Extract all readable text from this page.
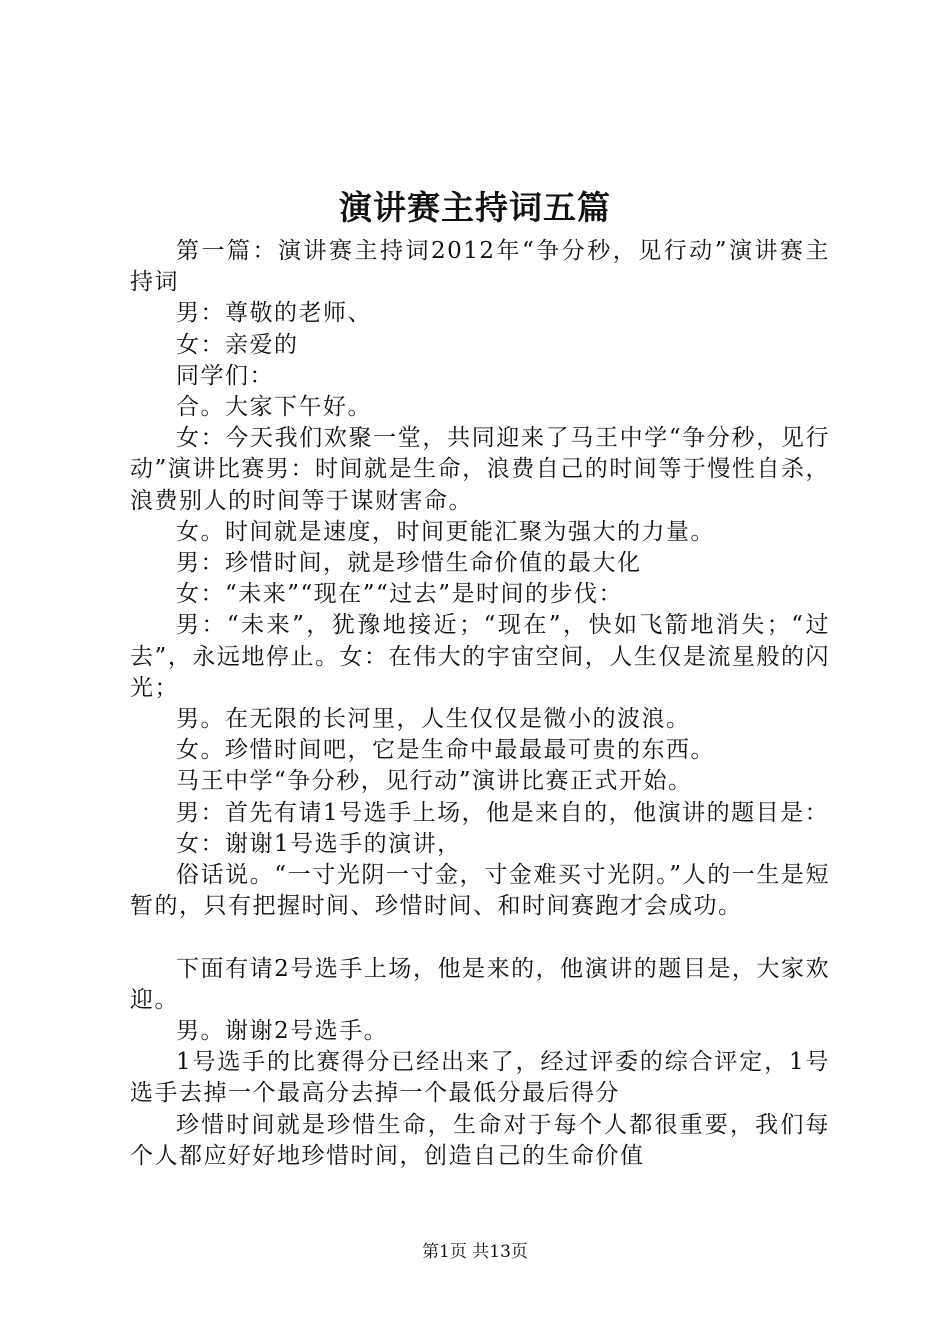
演讲赛主持词五篇

第一篇：演讲赛主持词2012年“争分秒，见行动”演讲赛主持词

男：尊敬的老师、

女：亲爱的

同学们：

合。大家下午好。

女：今天我们欢聚一堂，共同迎来了马王中学“争分秒，见行动”演讲比赛男：时间就是生命，浪费自己的时间等于慢性自杀，浪费别人的时间等于谋财害命。

女。时间就是速度，时间更能汇聚为强大的力量。

男：珍惜时间，就是珍惜生命价值的最大化

女：“未来”“现在”“过去”是时间的步伐：

男：“未来”，犹豫地接近；“现在”，快如飞箭地消失；“过去”，永远地停止。女：在伟大的宇宙空间，人生仅是流星般的闪光；

男。在无限的长河里，人生仅仅是微小的波浪。

女。珍惜时间吧，它是生命中最最最可贵的东西。

马王中学“争分秒，见行动”演讲比赛正式开始。

男：首先有请1号选手上场，他是来自的，他演讲的题目是：

女：谢谢1号选手的演讲，

俗话说。“一寸光阴一寸金，寸金难买寸光阴。”人的一生是短暂的，只有把握时间、珍惜时间、和时间赛跑才会成功。

下面有请2号选手上场，他是来的，他演讲的题目是，大家欢迎。

男。谢谢2号选手。

1号选手的比赛得分已经出来了，经过评委的综合评定，1号选手去掉一个最高分去掉一个最低分最后得分

珍惜时间就是珍惜生命，生命对于每个人都很重要，我们每个人都应好好地珍惜时间，创造自己的生命价值

第1页 共13页
